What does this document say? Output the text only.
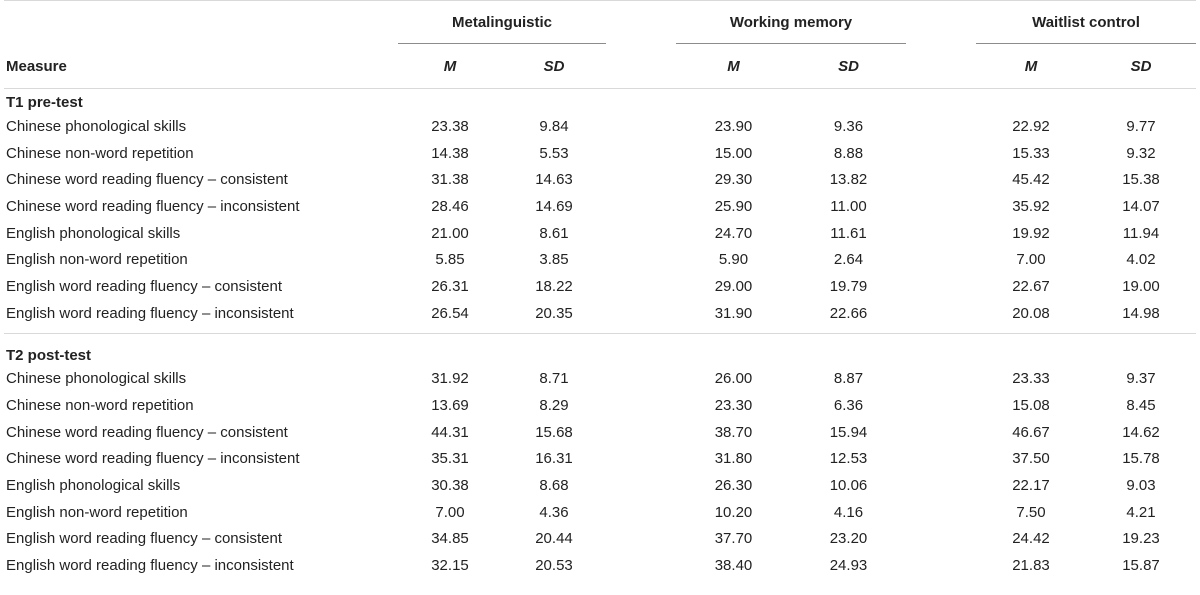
		Metalinguistic			Working memory			Waitlist control	

Measure		M	SD		M	SD		M	SD
T1 pre-test									
Chinese phonological skills		23.38	9.84		23.90	9.36		22.92	9.77
Chinese non-word repetition		14.38	5.53		15.00	8.88		15.33	9.32
Chinese word reading fluency – consistent		31.38	14.63		29.30	13.82		45.42	15.38
Chinese word reading fluency – inconsistent		28.46	14.69		25.90	11.00		35.92	14.07
English phonological skills		21.00	8.61		24.70	11.61		19.92	11.94
English non-word repetition		5.85	3.85		5.90	2.64		7.00	4.02
English word reading fluency – consistent		26.31	18.22		29.00	19.79		22.67	19.00
English word reading fluency – inconsistent		26.54	20.35		31.90	22.66		20.08	14.98

T2 post-test									
Chinese phonological skills		31.92	8.71		26.00	8.87		23.33	9.37
Chinese non-word repetition		13.69	8.29		23.30	6.36		15.08	8.45
Chinese word reading fluency – consistent		44.31	15.68		38.70	15.94		46.67	14.62
Chinese word reading fluency – inconsistent		35.31	16.31		31.80	12.53		37.50	15.78
English phonological skills		30.38	8.68		26.30	10.06		22.17	9.03
English non-word repetition		7.00	4.36		10.20	4.16		7.50	4.21
English word reading fluency – consistent		34.85	20.44		37.70	23.20		24.42	19.23
English word reading fluency – inconsistent		32.15	20.53		38.40	24.93		21.83	15.87
